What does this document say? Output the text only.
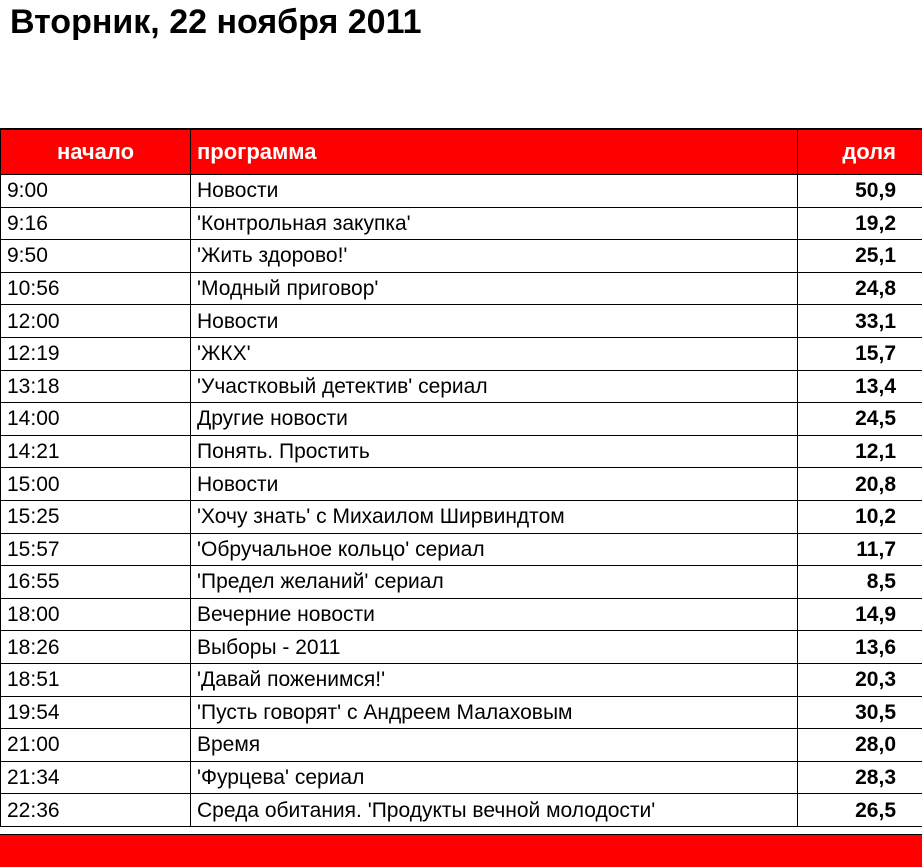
Вторник, 22 ноября 2011
начало	программа	доля
9:00	Новости	50,9
9:16	'Контрольная закупка'	19,2
9:50	'Жить здорово!'	25,1
10:56	'Модный приговор'	24,8
12:00	Новости	33,1
12:19	'ЖКХ'	15,7
13:18	'Участковый детектив' сериал	13,4
14:00	Другие новости	24,5
14:21	Понять. Простить	12,1
15:00	Новости	20,8
15:25	'Хочу знать' с Михаилом Ширвиндтом	10,2
15:57	'Обручальное кольцо' сериал	11,7
16:55	'Предел желаний' сериал	8,5
18:00	Вечерние новости	14,9
18:26	Выборы - 2011	13,6
18:51	'Давай поженимся!'	20,3
19:54	'Пусть говорят' с Андреем Малаховым	30,5
21:00	Время	28,0
21:34	'Фурцева' сериал	28,3
22:36	Среда обитания. 'Продукты вечной молодости'	26,5
